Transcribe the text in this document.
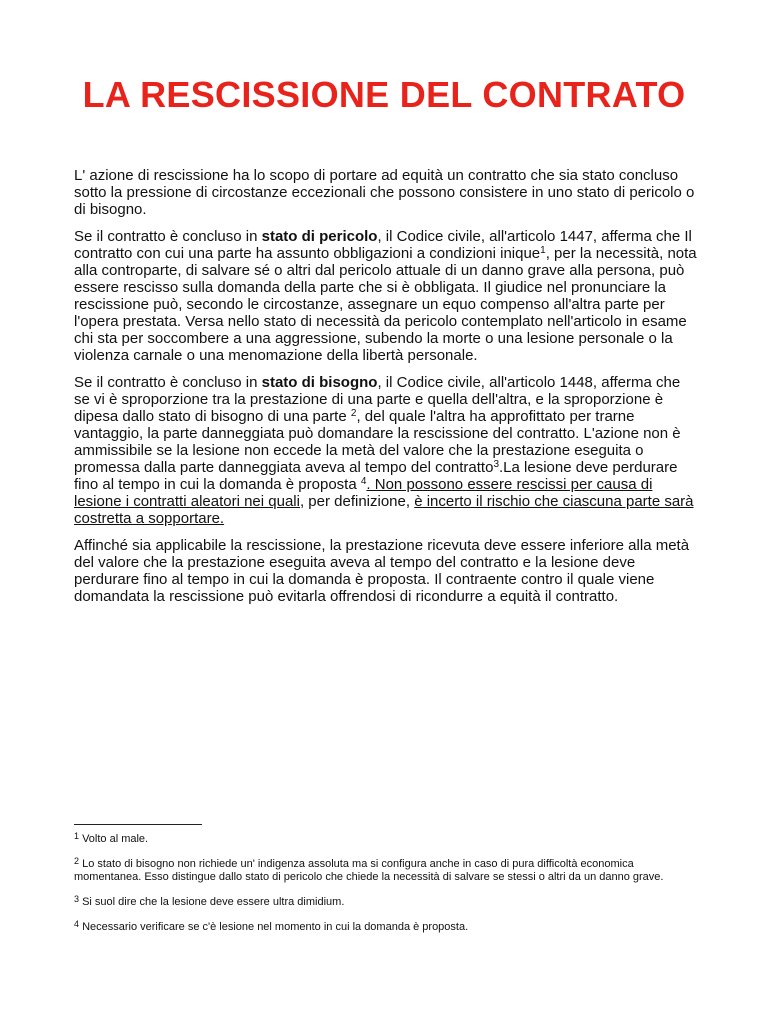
LA RESCISSIONE DEL CONTRATO

L' azione di rescissione ha lo scopo di portare ad equità un contratto che sia stato concluso sotto la pressione di circostanze eccezionali che possono consistere in uno stato di pericolo o di bisogno.

Se il contratto è concluso in stato di pericolo, il Codice civile, all'articolo 1447, afferma che Il contratto con cui una parte ha assunto obbligazioni a condizioni inique$^1$, per la necessità, nota alla controparte, di salvare sé o altri dal pericolo attuale di un danno grave alla persona, può essere rescisso sulla domanda della parte che si è obbligata. Il giudice nel pronunciare la rescissione può, secondo le circostanze, assegnare un equo compenso all'altra parte per l'opera prestata. Versa nello stato di necessità da pericolo contemplato nell'articolo in esame chi sta per soccombere a una aggressione, subendo la morte o una lesione personale o la violenza carnale o una menomazione della libertà personale.

Se il contratto è concluso in stato di bisogno, il Codice civile, all'articolo 1448, afferma che se vi è sproporzione tra la prestazione di una parte e quella dell'altra, e la sproporzione è dipesa dallo stato di bisogno di una parte $^2$, del quale l'altra ha approfittato per trarne vantaggio, la parte danneggiata può domandare la rescissione del contratto. L'azione non è ammissibile se la lesione non eccede la metà del valore che la prestazione eseguita o promessa dalla parte danneggiata aveva al tempo del contratto$^3$.La lesione deve perdurare fino al tempo in cui la domanda è proposta $^4$. Non possono essere rescissi per causa di lesione i contratti aleatori nei quali, per definizione, è incerto il rischio che ciascuna parte sarà costretta a sopportare.

Affinché sia applicabile la rescissione, la prestazione ricevuta deve essere inferiore alla metà del valore che la prestazione eseguita aveva al tempo del contratto e la lesione deve perdurare fino al tempo in cui la domanda è proposta. Il contraente contro il quale viene domandata la rescissione può evitarla offrendosi di ricondurre a equità il contratto.

$^1$ Volto al male.
$^2$ Lo stato di bisogno non richiede un' indigenza assoluta ma si configura anche in caso di pura difficoltà economica momentanea. Esso distingue dallo stato di pericolo che chiede la necessità di salvare se stessi o altri da un danno grave.
$^3$ Si suol dire che la lesione deve essere ultra dimidium.
$^4$ Necessario verificare se c'è lesione nel momento in cui la domanda è proposta.
